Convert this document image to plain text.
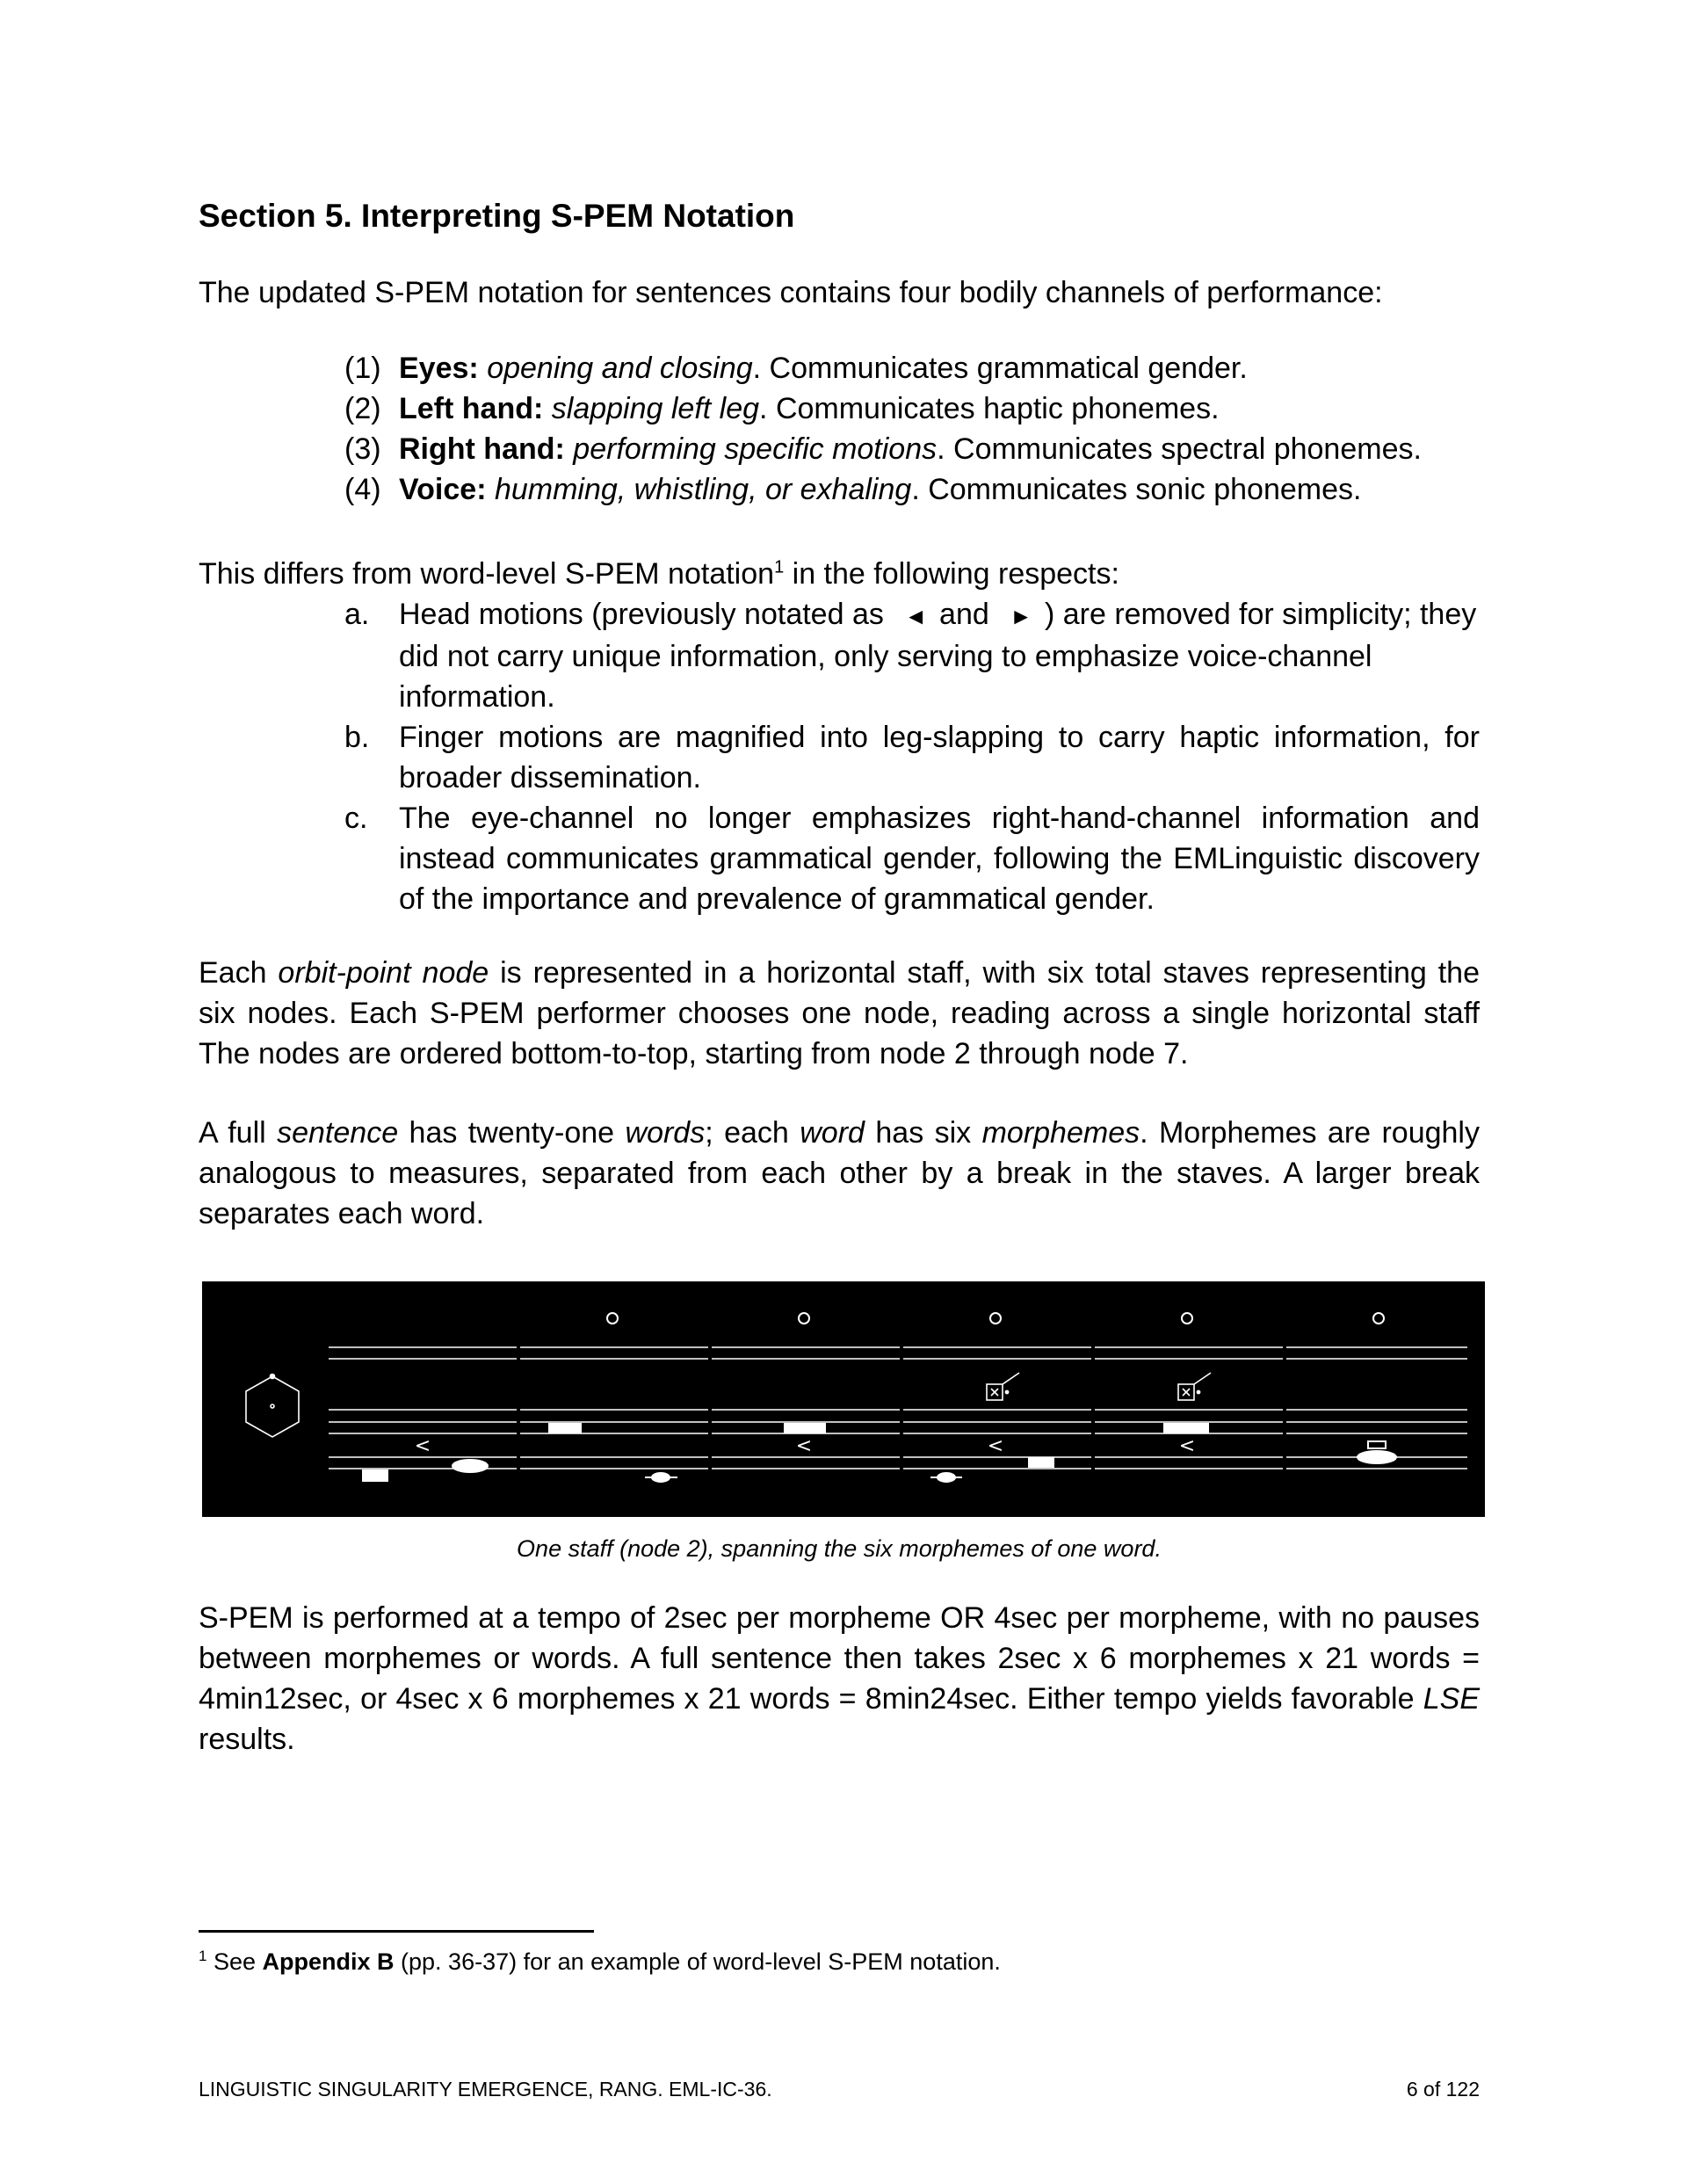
Section 5. Interpreting S-PEM Notation

The updated S-PEM notation for sentences contains four bodily channels of performance:

(1) Eyes: opening and closing. Communicates grammatical gender.
(2) Left hand: slapping left leg. Communicates haptic phonemes.
(3) Right hand: performing specific motions. Communicates spectral phonemes.
(4) Voice: humming, whistling, or exhaling. Communicates sonic phonemes.

This differs from word-level S-PEM notation$^1$ in the following respects:

a. Head motions (previously notated as ◄ and ► ) are removed for simplicity; they did not carry unique information, only serving to emphasize voice-channel information.
b. Finger motions are magnified into leg-slapping to carry haptic information, for broader dissemination.
c. The eye-channel no longer emphasizes right-hand-channel information and instead communicates grammatical gender, following the EMLinguistic discovery of the importance and prevalence of grammatical gender.

Each orbit-point node is represented in a horizontal staff, with six total staves representing the six nodes. Each S-PEM performer chooses one node, reading across a single horizontal staff The nodes are ordered bottom-to-top, starting from node 2 through node 7.

A full sentence has twenty-one words; each word has six morphemes. Morphemes are roughly analogous to measures, separated from each other by a break in the staves. A larger break separates each word.

<	<	<	<
One staff (node 2), spanning the six morphemes of one word.

S-PEM is performed at a tempo of 2sec per morpheme OR 4sec per morpheme, with no pauses between morphemes or words. A full sentence then takes 2sec x 6 morphemes x 21 words = 4min12sec, or 4sec x 6 morphemes x 21 words = 8min24sec. Either tempo yields favorable LSE results.

$^1$ See Appendix B (pp. 36-37) for an example of word-level S-PEM notation.
LINGUISTIC SINGULARITY EMERGENCE, RANG. EML-IC-36.	6 of 122
